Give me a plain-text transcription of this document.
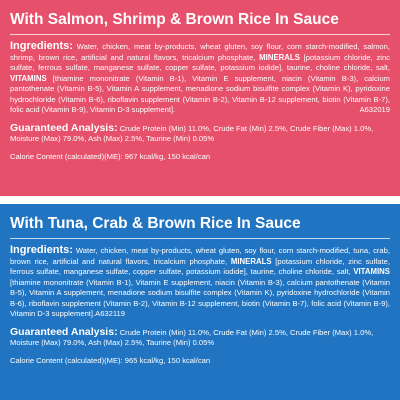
With Salmon, Shrimp & Brown Rice In Sauce

Ingredients: Water, chicken, meat by-products, wheat gluten, soy flour, corn starch-modified, salmon, shrimp, brown rice, artificial and natural flavors, tricalcium phosphate, MINERALS [potassium chloride, zinc sulfate, ferrous sulfate, manganese sulfate, copper sulfate, potassium iodide], taurine, choline chloride, salt, VITAMINS [thiamine mononitrate (Vitamin B-1), Vitamin E supplement, niacin (Vitamin B-3), calcium pantothenate (Vitamin B-5), Vitamin A supplement, menadione sodium bisulfite complex (Vitamin K), pyridoxine hydrochloride (Vitamin B-6), riboflavin supplement (Vitamin B-2), Vitamin B-12 supplement, biotin (Vitamin B-7), folic acid (Vitamin B-9), Vitamin D-3 supplement].	A632019

Guaranteed Analysis: Crude Protein (Min) 11.0%, Crude Fat (Min) 2.5%, Crude Fiber (Max) 1.0%, Moisture (Max) 79.0%, Ash (Max) 2.5%, Taurine (Min) 0.05%
Calorie Content (calculated)(ME): 967 kcal/kg, 150 kcal/can
With Tuna, Crab & Brown Rice In Sauce

Ingredients: Water, chicken, meat by-products, wheat gluten, soy flour, corn starch-modified, tuna, crab, brown rice, artificial and natural flavors, tricalcium phosphate, MINERALS [potassium chloride, zinc sulfate, ferrous sulfate, manganese sulfate, copper sulfate, potassium iodide], taurine, choline chloride, salt, VITAMINS [thiamine mononitrate (Vitamin B-1), Vitamin E supplement, niacin (Vitamin B-3), calcium pantothenate (Vitamin B-5), Vitamin A supplement, menadione sodium bisulfite complex (Vitamin K), pyridoxine hydrochloride (Vitamin B-6), riboflavin supplement (Vitamin B-2), Vitamin B-12 supplement, biotin (Vitamin B-7), folic acid (Vitamin B-9), Vitamin D-3 supplement].A632119

Guaranteed Analysis: Crude Protein (Min) 11.0%, Crude Fat (Min) 2.5%, Crude Fiber (Max) 1.0%, Moisture (Max) 79.0%, Ash (Max) 2.5%, Taurine (Min) 0.05%
Calorie Content (calculated)(ME): 965 kcal/kg, 150 kcal/can
